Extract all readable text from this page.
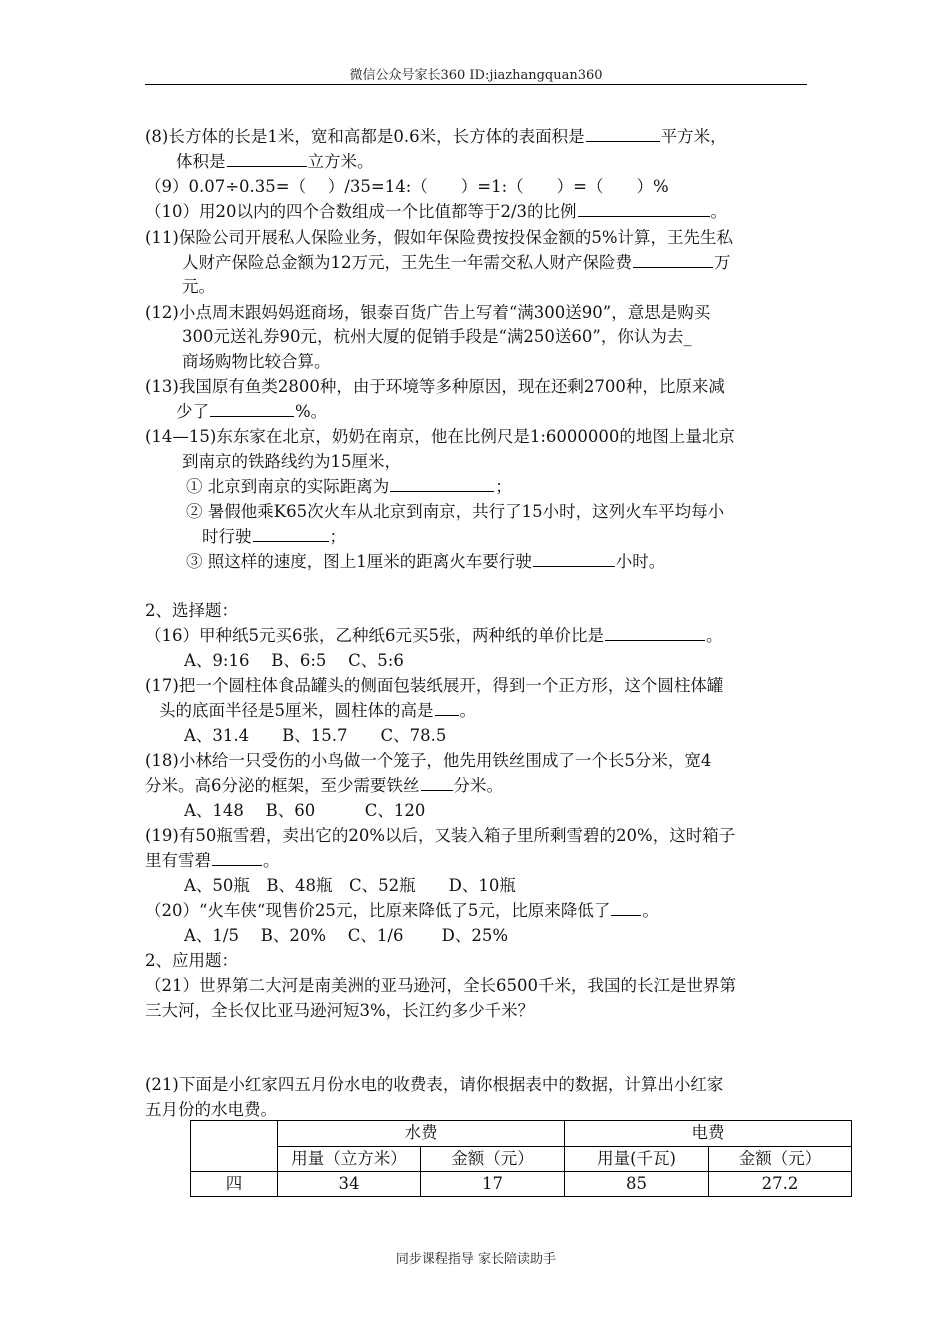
微信公众号家长360 ID:jiazhangquan360
(8)长方体的长是1米，宽和高都是0.6米，长方体的表面积是	平方米，
体积是	立方米。
（9）0.07÷0.35=（　 ）/35=14:（　　）=1:（　　）=（　　）%
（10）用20以内的四个合数组成一个比值都等于2/3的比例	。
(11)保险公司开展私人保险业务，假如年保险费按投保金额的5%计算，王先生私
人财产保险总金额为12万元，王先生一年需交私人财产保险费	万
元。
(12)小点周末跟妈妈逛商场，银泰百货广告上写着“满300送90”，意思是购买
300元送礼券90元，杭州大厦的促销手段是“满250送60”，你认为去_
商场购物比较合算。
(13)我国原有鱼类2800种，由于环境等多种原因，现在还剩2700种，比原来减
少了	%。
(14—15)东东家在北京，奶奶在南京，他在比例尺是1:6000000的地图上量北京
到南京的铁路线约为15厘米，
① 北京到南京的实际距离为	；
② 暑假他乘K65次火车从北京到南京，共行了15小时，这列火车平均每小
时行驶	；
③ 照这样的速度，图上1厘米的距离火车要行驶	小时。
2、选择题：
（16）甲种纸5元买6张，乙种纸6元买5张，两种纸的单价比是	。
A、9:16　 B、6:5　 C、5:6
(17)把一个圆柱体食品罐头的侧面包装纸展开，得到一个正方形，这个圆柱体罐
头的底面半径是5厘米，圆柱体的高是 。
A、31.4　　B、15.7　　C、78.5
(18)小林给一只受伤的小鸟做一个笼子，他先用铁丝围成了一个长5分米，宽4
分米。高6分泌的框架，至少需要铁丝 分米。
A、148　 B、60　　　C、120
(19)有50瓶雪碧，卖出它的20%以后，又装入箱子里所剩雪碧的20%，这时箱子
里有雪碧	。
A、50瓶　B、48瓶　C、52瓶　　D、10瓶
（20）“火车侠“现售价25元，比原来降低了5元，比原来降低了 。
A、1/5　 B、20%　 C、1/6　　 D、25%
2、应用题：
（21）世界第二大河是南美洲的亚马逊河，全长6500千米，我国的长江是世界第
三大河，全长仅比亚马逊河短3%，长江约多少千米？
(21)下面是小红家四五月份水电的收费表，请你根据表中的数据，计算出小红家
五月份的水电费。
	水费		电费	
	用量（立方米）	金额（元）	用量(千瓦)	金额（元）
四	34	17	85	27.2
同步课程指导 家长陪读助手
